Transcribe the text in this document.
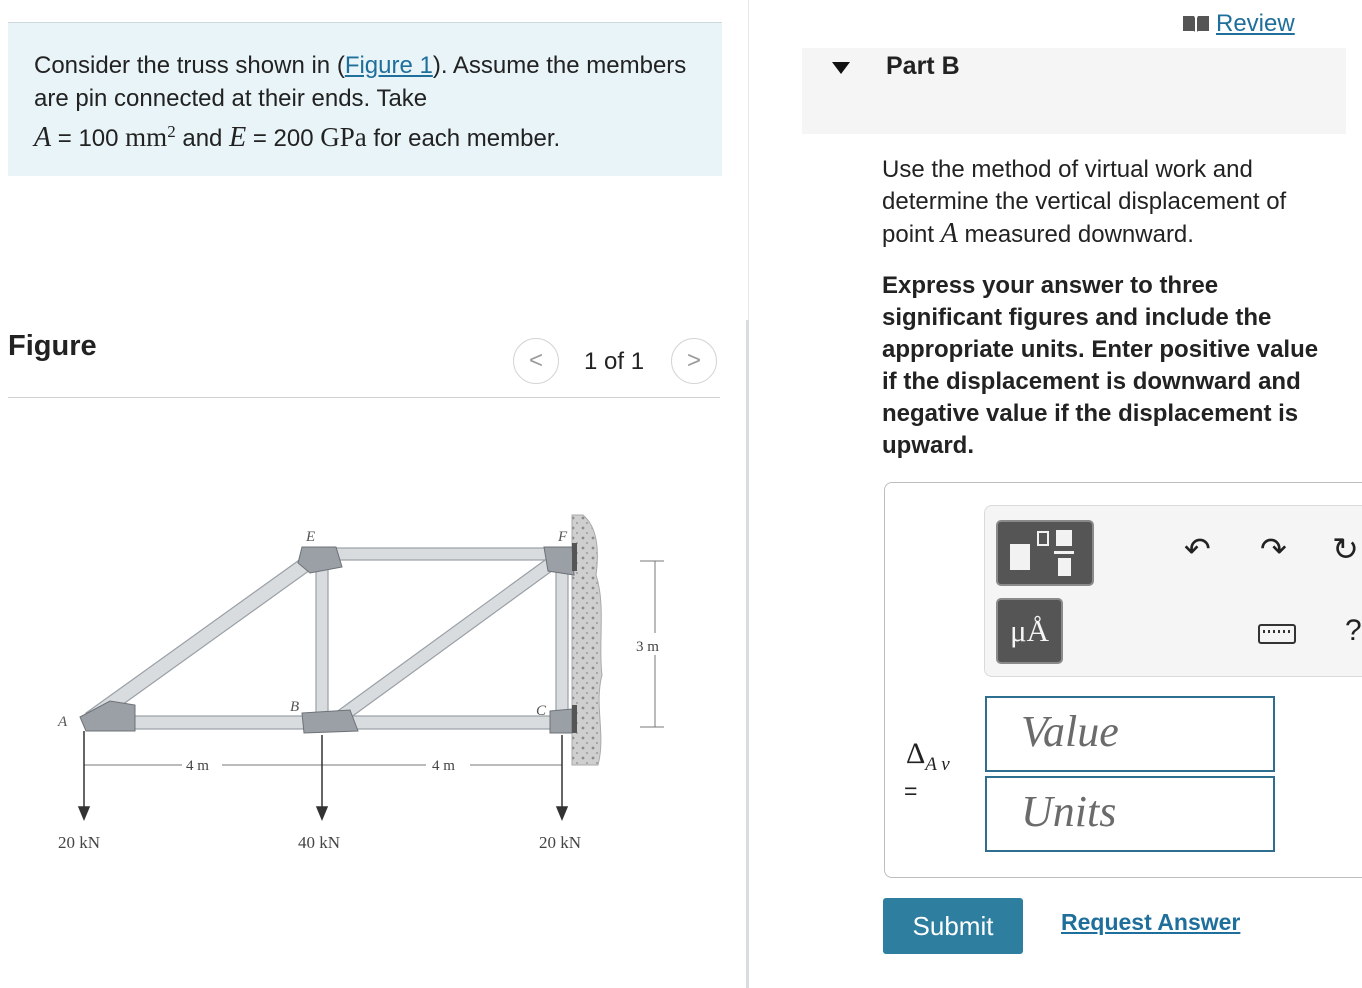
Consider the truss shown in (Figure 1). Assume the members are pin connected at their ends. Take
A = 100 $mm^2$ and E = 200 GPa for each member.
Figure	< 1 of 1 >
A
E
B	C
F
4 m	4 m
3 m
20 kN	40 kN	20 kN
Review
Part B
Use the method of virtual work and determine the vertical displacement of point A measured downward.
Express your answer to three significant figures and include the appropriate units. Enter positive value if the displacement is downward and negative value if the displacement is upward.
μÅ
↶ ↷ ↻
?
$\Delta_{A v}$
=
Value
Units
Submit	Request Answer
